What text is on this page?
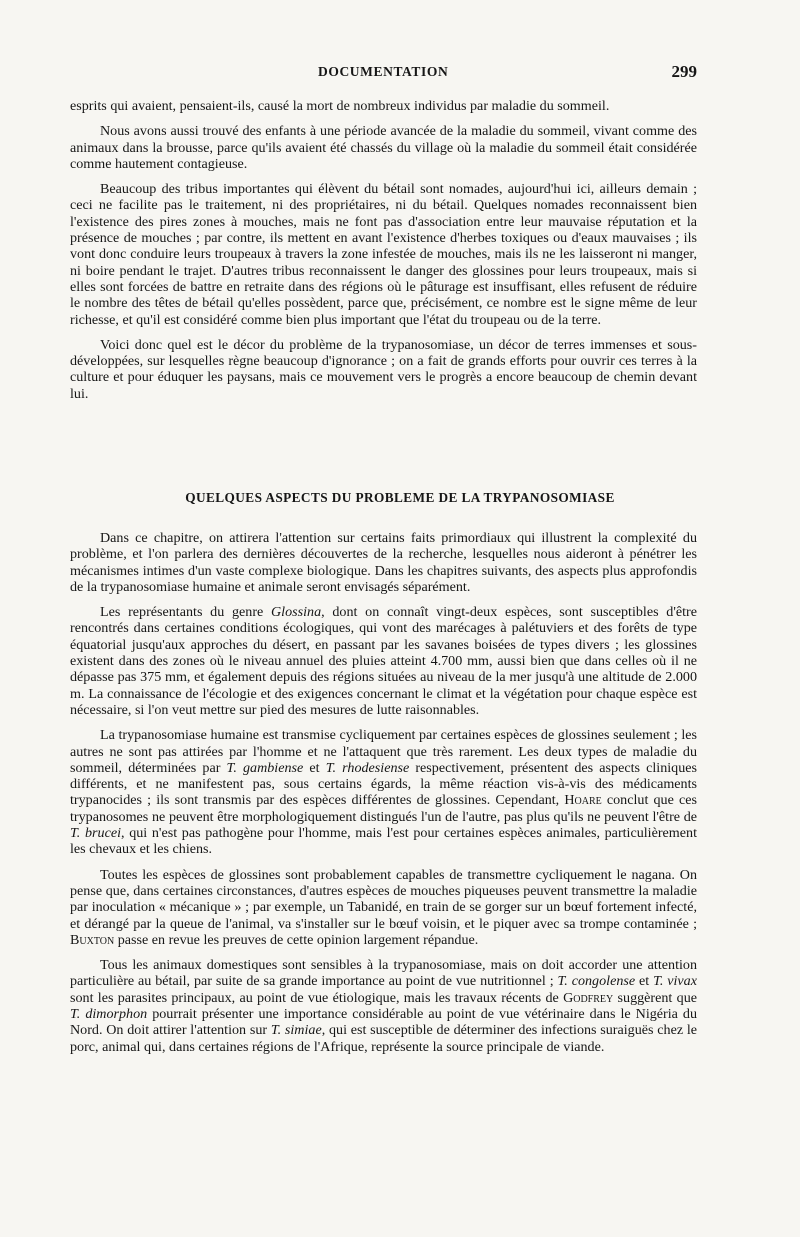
DOCUMENTATION	299

esprits qui avaient, pensaient-ils, causé la mort de nombreux individus par maladie du sommeil.

Nous avons aussi trouvé des enfants à une période avancée de la maladie du sommeil, vivant comme des animaux dans la brousse, parce qu'ils avaient été chassés du village où la maladie du sommeil était considérée comme hautement contagieuse.

Beaucoup des tribus importantes qui élèvent du bétail sont nomades, aujourd'hui ici, ailleurs demain ; ceci ne facilite pas le traitement, ni des propriétaires, ni du bétail. Quelques nomades reconnaissent bien l'existence des pires zones à mouches, mais ne font pas d'association entre leur mauvaise réputation et la présence de mouches ; par contre, ils mettent en avant l'existence d'herbes toxiques ou d'eaux mauvaises ; ils vont donc conduire leurs troupeaux à travers la zone infestée de mouches, mais ils ne les laisseront ni manger, ni boire pendant le trajet. D'autres tribus reconnaissent le danger des glossines pour leurs troupeaux, mais si elles sont forcées de battre en retraite dans des régions où le pâturage est insuffisant, elles refusent de réduire le nombre des têtes de bétail qu'elles possèdent, parce que, précisément, ce nombre est le signe même de leur richesse, et qu'il est considéré comme bien plus important que l'état du troupeau ou de la terre.

Voici donc quel est le décor du problème de la trypanosomiase, un décor de terres immenses et sous-développées, sur lesquelles règne beaucoup d'ignorance ; on a fait de grands efforts pour ouvrir ces terres à la culture et pour éduquer les paysans, mais ce mouvement vers le progrès a encore beaucoup de chemin devant lui.

QUELQUES ASPECTS DU PROBLEME DE LA TRYPANOSOMIASE

Dans ce chapitre, on attirera l'attention sur certains faits primordiaux qui illustrent la complexité du problème, et l'on parlera des dernières découvertes de la recherche, lesquelles nous aideront à pénétrer les mécanismes intimes d'un vaste complexe biologique. Dans les chapitres suivants, des aspects plus approfondis de la trypanosomiase humaine et animale seront envisagés séparément.

Les représentants du genre Glossina, dont on connaît vingt-deux espèces, sont susceptibles d'être rencontrés dans certaines conditions écologiques, qui vont des marécages à palétuviers et des forêts de type équatorial jusqu'aux approches du désert, en passant par les savanes boisées de types divers ; les glossines existent dans des zones où le niveau annuel des pluies atteint 4.700 mm, aussi bien que dans celles où il ne dépasse pas 375 mm, et également depuis des régions situées au niveau de la mer jusqu'à une altitude de 2.000 m. La connaissance de l'écologie et des exigences concernant le climat et la végétation pour chaque espèce est nécessaire, si l'on veut mettre sur pied des mesures de lutte raisonnables.

La trypanosomiase humaine est transmise cycliquement par certaines espèces de glossines seulement ; les autres ne sont pas attirées par l'homme et ne l'attaquent que très rarement. Les deux types de maladie du sommeil, déterminées par T. gambiense et T. rhodesiense respectivement, présentent des aspects cliniques différents, et ne manifestent pas, sous certains égards, la même réaction vis-à-vis des médicaments trypanocides ; ils sont transmis par des espèces différentes de glossines. Cependant, Hoare conclut que ces trypanosomes ne peuvent être morphologiquement distingués l'un de l'autre, pas plus qu'ils ne peuvent l'être de T. brucei, qui n'est pas pathogène pour l'homme, mais l'est pour certaines espèces animales, particulièrement les chevaux et les chiens.

Toutes les espèces de glossines sont probablement capables de transmettre cycliquement le nagana. On pense que, dans certaines circonstances, d'autres espèces de mouches piqueuses peuvent transmettre la maladie par inoculation « mécanique » ; par exemple, un Tabanidé, en train de se gorger sur un bœuf fortement infecté, et dérangé par la queue de l'animal, va s'installer sur le bœuf voisin, et le piquer avec sa trompe contaminée ; Buxton passe en revue les preuves de cette opinion largement répandue.

Tous les animaux domestiques sont sensibles à la trypanosomiase, mais on doit accorder une attention particulière au bétail, par suite de sa grande importance au point de vue nutritionnel ; T. congolense et T. vivax sont les parasites principaux, au point de vue étiologique, mais les travaux récents de Godfrey suggèrent que T. dimorphon pourrait présenter une importance considérable au point de vue vétérinaire dans le Nigéria du Nord. On doit attirer l'attention sur T. simiae, qui est susceptible de déterminer des infections suraiguës chez le porc, animal qui, dans certaines régions de l'Afrique, représente la source principale de viande.
